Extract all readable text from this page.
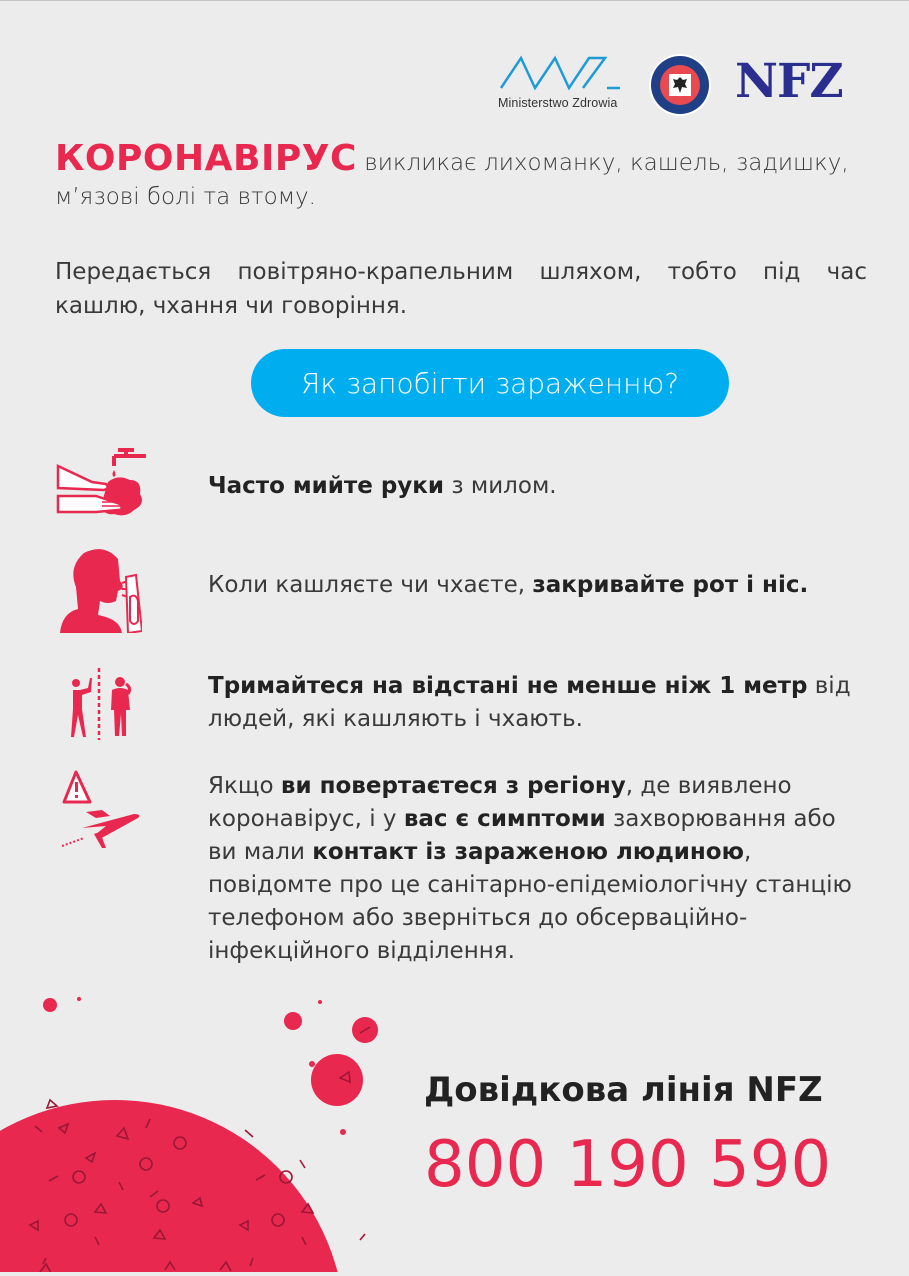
Ministerstwo Zdrowia	NFZ
КОРОНАВІРУС викликає лихоманку, кашель, задишку, м’язові болі та втому.
Передається повітряно-крапельним шляхом, тобто під час кашлю, чхання чи говоріння.
Як запобігти зараженню?
Часто мийте руки з милом.
Коли кашляєте чи чхаєте, закривайте рот і ніс.
Тримайтеся на відстані не менше ніж 1 метр від людей, які кашляють і чхають.
Якщо ви повертаєтеся з регіону, де виявлено коронавірус, і у вас є симптоми захворювання або ви мали контакт із зараженою людиною, повідомте про це санітарно-епідеміологічну станцію телефоном або зверніться до обсерваційно-інфекційного відділення.
Довідкова лінія NFZ
800 190 590
